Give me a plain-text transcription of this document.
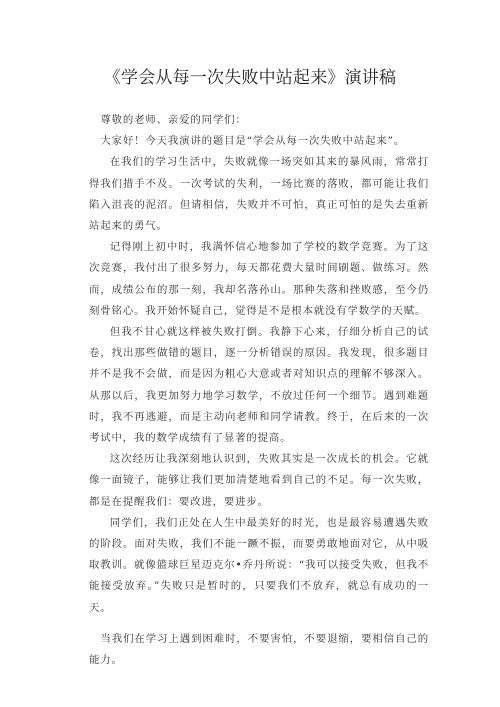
《学会从每一次失败中站起来》演讲稿

尊敬的老师、亲爱的同学们：

大家好！今天我演讲的题目是“学会从每一次失败中站起来”。

在我们的学习生活中，失败就像一场突如其来的暴风雨，常常打得我们措手不及。一次考试的失利，一场比赛的落败，都可能让我们陷入沮丧的泥沼。但请相信，失败并不可怕，真正可怕的是失去重新站起来的勇气。

记得刚上初中时，我满怀信心地参加了学校的数学竞赛。为了这次竞赛，我付出了很多努力，每天都花费大量时间刷题、做练习。然而，成绩公布的那一刻，我却名落孙山。那种失落和挫败感，至今仍刻骨铭心。我开始怀疑自己，觉得是不是根本就没有学数学的天赋。

但我不甘心就这样被失败打倒。我静下心来，仔细分析自己的试卷，找出那些做错的题目，逐一分析错误的原因。我发现，很多题目并不是我不会做，而是因为粗心大意或者对知识点的理解不够深入。从那以后，我更加努力地学习数学，不放过任何一个细节。遇到难题时，我不再逃避，而是主动向老师和同学请教。终于，在后来的一次考试中，我的数学成绩有了显著的提高。

这次经历让我深刻地认识到，失败其实是一次成长的机会。它就像一面镜子，能够让我们更加清楚地看到自己的不足。每一次失败，都是在提醒我们：要改进，要进步。

同学们，我们正处在人生中最美好的时光，也是最容易遭遇失败的阶段。面对失败，我们不能一蹶不振，而要勇敢地面对它，从中吸取教训。就像篮球巨星迈克尔•乔丹所说：“我可以接受失败，但我不能接受放弃。”失败只是暂时的，只要我们不放弃，就总有成功的一天。

当我们在学习上遇到困难时，不要害怕，不要退缩，要相信自己的能力。
